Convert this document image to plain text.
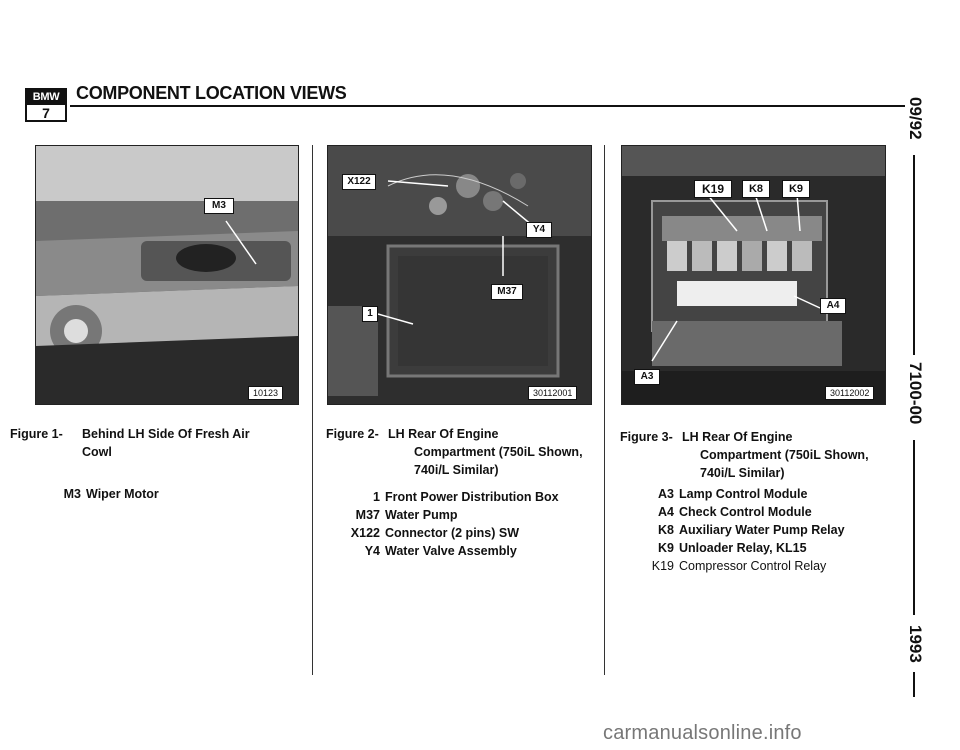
BMW
7
COMPONENT LOCATION VIEWS
09/92
7100-00
1993
M3
10123
X122
Y4
M37
1
30112001
K19	K8	K9
A4
A3
30112002
Figure 1-	Behind LH Side Of Fresh Air
Cowl
M3 Wiper Motor
Figure 2- LH Rear Of Engine
Compartment (750iL Shown,
740i/L Similar)
1 Front Power Distribution Box
M37 Water Pump
X122 Connector (2 pins) SW
Y4 Water Valve Assembly
Figure 3- LH Rear Of Engine
Compartment (750iL Shown,
740i/L Similar)
A3 Lamp Control Module
A4 Check Control Module
K8 Auxiliary Water Pump Relay
K9 Unloader Relay, KL15
K19 Compressor Control Relay
carmanualsonline.info
